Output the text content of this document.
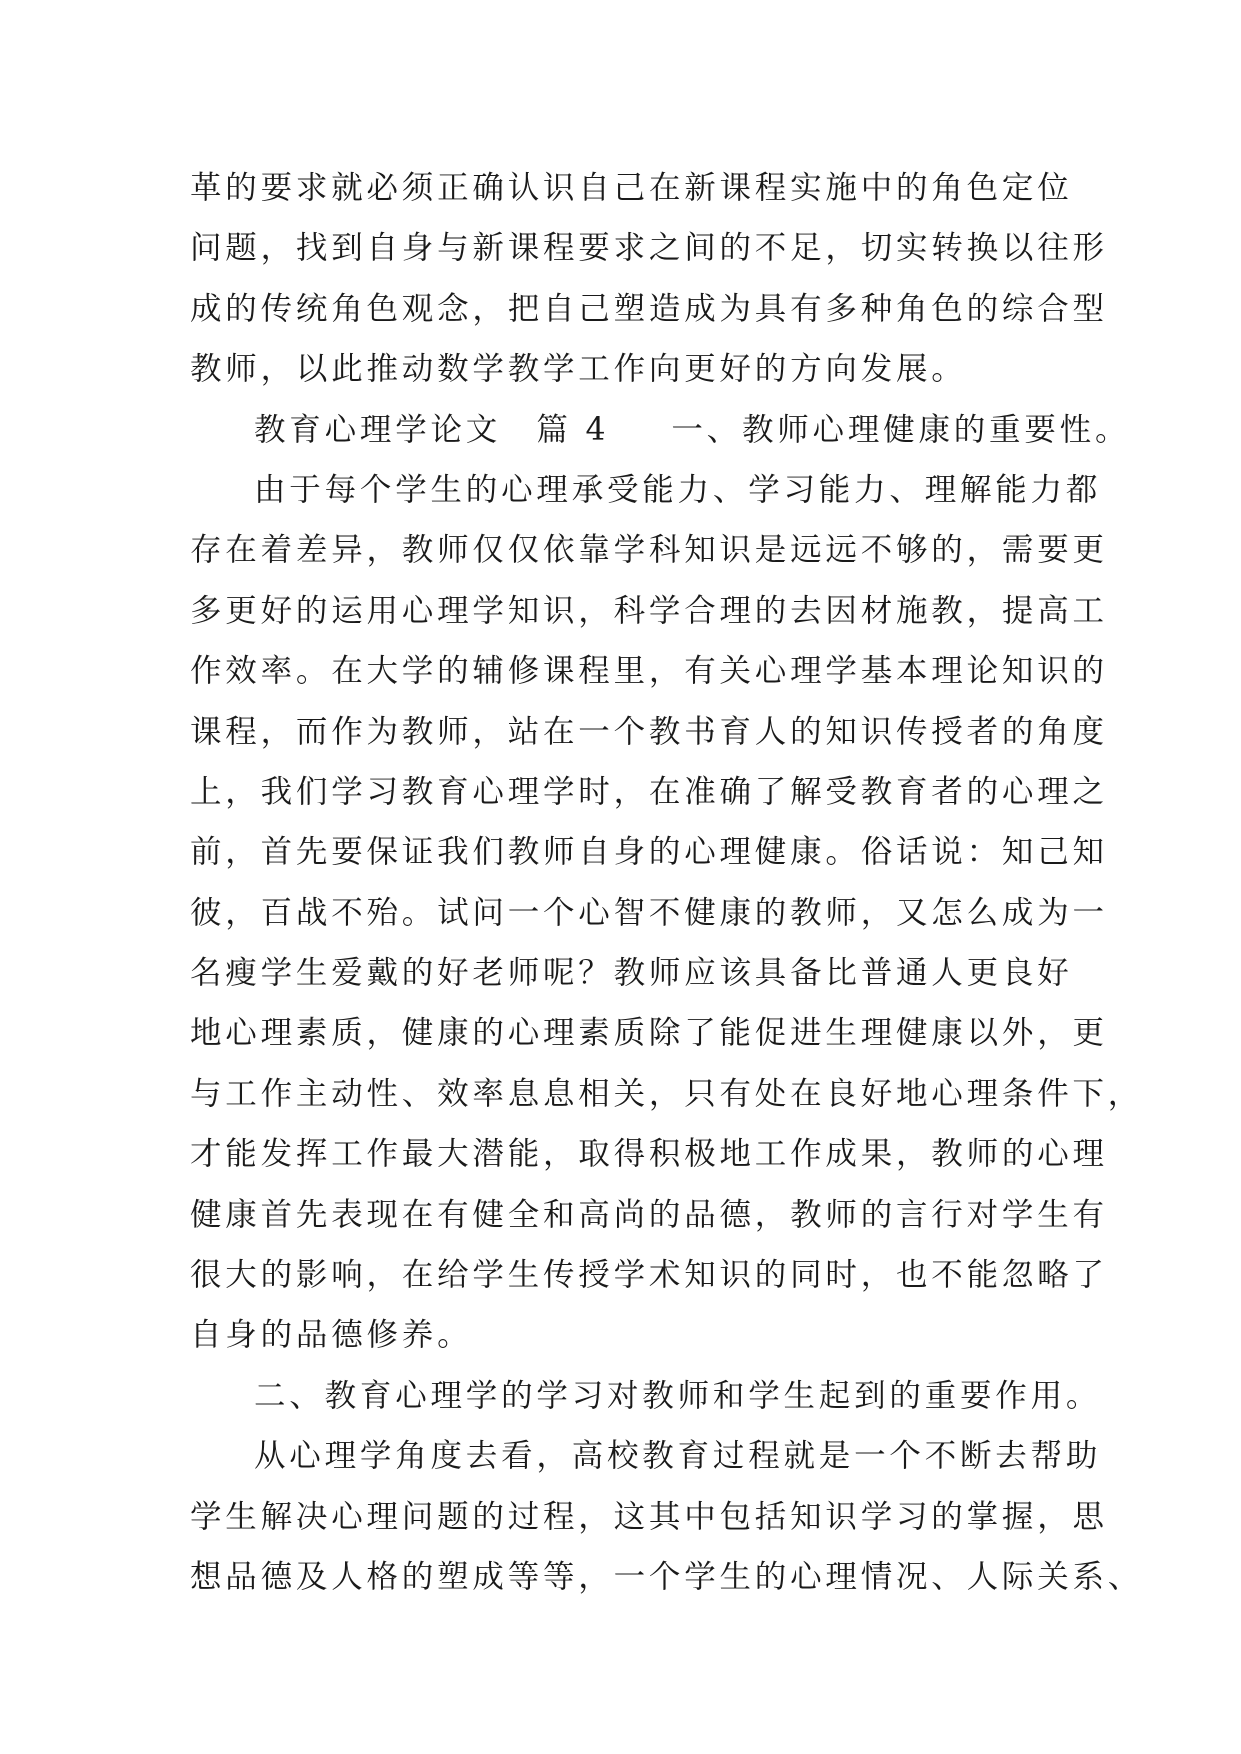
革的要求就必须正确认识自己在新课程实施中的角色定位
问题，找到自身与新课程要求之间的不足，切实转换以往形
成的传统角色观念，把自己塑造成为具有多种角色的综合型
教师，以此推动数学教学工作向更好的方向发展。
教育心理学论文　篇 4 一、教师心理健康的重要性。
由于每个学生的心理承受能力、学习能力、理解能力都
存在着差异，教师仅仅依靠学科知识是远远不够的，需要更
多更好的运用心理学知识，科学合理的去因材施教，提高工
作效率。在大学的辅修课程里，有关心理学基本理论知识的
课程，而作为教师，站在一个教书育人的知识传授者的角度
上，我们学习教育心理学时，在准确了解受教育者的心理之
前，首先要保证我们教师自身的心理健康。俗话说：知己知
彼，百战不殆。试问一个心智不健康的教师，又怎么成为一
名瘦学生爱戴的好老师呢？教师应该具备比普通人更良好
地心理素质，健康的心理素质除了能促进生理健康以外，更
与工作主动性、效率息息相关，只有处在良好地心理条件下，
才能发挥工作最大潜能，取得积极地工作成果，教师的心理
健康首先表现在有健全和高尚的品德，教师的言行对学生有
很大的影响，在给学生传授学术知识的同时，也不能忽略了
自身的品德修养。
二、教育心理学的学习对教师和学生起到的重要作用。
从心理学角度去看，高校教育过程就是一个不断去帮助
学生解决心理问题的过程，这其中包括知识学习的掌握，思
想品德及人格的塑成等等，一个学生的心理情况、人际关系、
